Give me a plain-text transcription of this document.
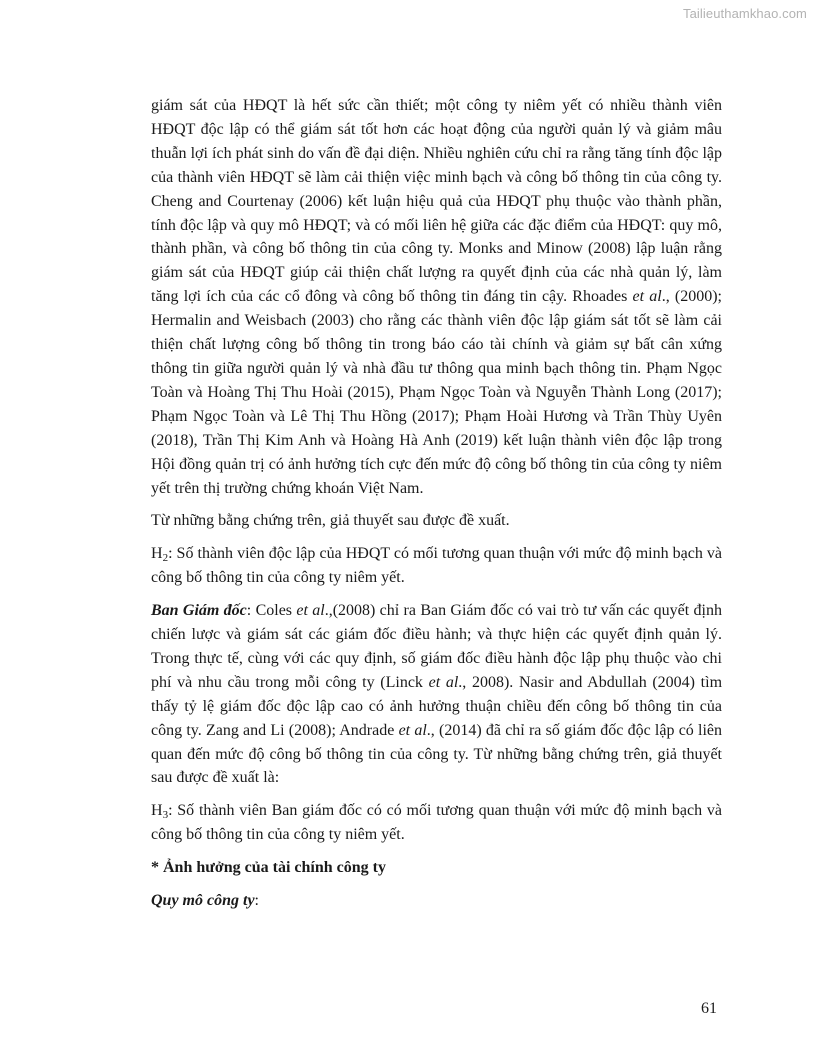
Tailieuthamkhao.com

giám sát của HĐQT là hết sức cần thiết; một công ty niêm yết có nhiều thành viên HĐQT độc lập có thể giám sát tốt hơn các hoạt động của người quản lý và giảm mâu thuẫn lợi ích phát sinh do vấn đề đại diện. Nhiều nghiên cứu chỉ ra rằng tăng tính độc lập của thành viên HĐQT sẽ làm cải thiện việc minh bạch và công bố thông tin của công ty. Cheng and Courtenay (2006) kết luận hiệu quả của HĐQT phụ thuộc vào thành phần, tính độc lập và quy mô HĐQT; và có mối liên hệ giữa các đặc điểm của HĐQT: quy mô, thành phần, và công bố thông tin của công ty. Monks and Minow (2008) lập luận rằng giám sát của HĐQT giúp cải thiện chất lượng ra quyết định của các nhà quản lý, làm tăng lợi ích của các cổ đông và công bố thông tin đáng tin cậy. Rhoades et al., (2000); Hermalin and Weisbach (2003) cho rằng các thành viên độc lập giám sát tốt sẽ làm cải thiện chất lượng công bố thông tin trong báo cáo tài chính và giảm sự bất cân xứng thông tin giữa người quản lý và nhà đầu tư thông qua minh bạch thông tin. Phạm Ngọc Toàn và Hoàng Thị Thu Hoài (2015), Phạm Ngọc Toàn và Nguyễn Thành Long (2017); Phạm Ngọc Toàn và Lê Thị Thu Hồng (2017); Phạm Hoài Hương và Trần Thùy Uyên (2018), Trần Thị Kim Anh và Hoàng Hà Anh (2019) kết luận thành viên độc lập trong Hội đồng quản trị có ảnh hưởng tích cực đến mức độ công bố thông tin của công ty niêm yết trên thị trường chứng khoán Việt Nam.

Từ những bằng chứng trên, giả thuyết sau được đề xuất.

$H_2$: Số thành viên độc lập của HĐQT có mối tương quan thuận với mức độ minh bạch và công bố thông tin của công ty niêm yết.

Ban Giám đốc: Coles et al.,(2008) chỉ ra Ban Giám đốc có vai trò tư vấn các quyết định chiến lược và giám sát các giám đốc điều hành; và thực hiện các quyết định quản lý. Trong thực tế, cùng với các quy định, số giám đốc điều hành độc lập phụ thuộc vào chi phí và nhu cầu trong mỗi công ty (Linck et al., 2008). Nasir and Abdullah (2004) tìm thấy tỷ lệ giám đốc độc lập cao có ảnh hưởng thuận chiều đến công bố thông tin của công ty. Zang and Li (2008); Andrade et al., (2014) đã chỉ ra số giám đốc độc lập có liên quan đến mức độ công bố thông tin của công ty. Từ những bằng chứng trên, giả thuyết sau được đề xuất là:

$H_3$: Số thành viên Ban giám đốc có có mối tương quan thuận với mức độ minh bạch và công bố thông tin của công ty niêm yết.

* Ảnh hưởng của tài chính công ty

Quy mô công ty:

61
